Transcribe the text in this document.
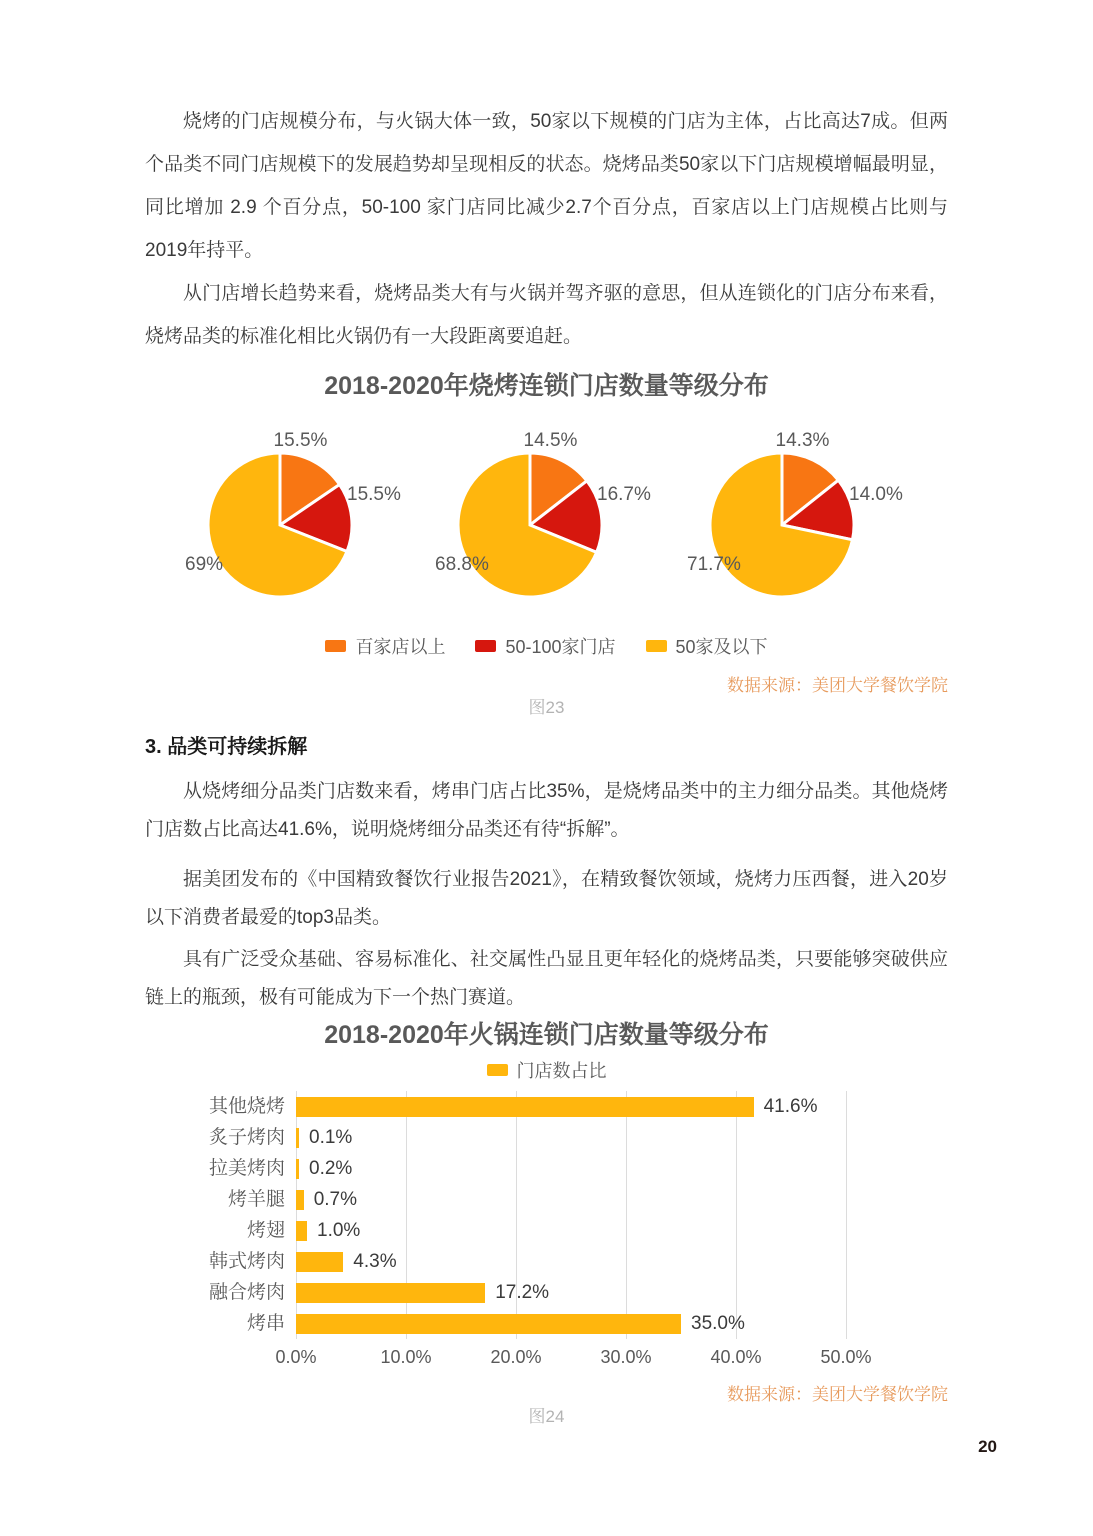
烧烤的门店规模分布，与火锅大体一致，50家以下规模的门店为主体，占比高达7成。但两个品类不同门店规模下的发展趋势却呈现相反的状态。烧烤品类50家以下门店规模增幅最明显，同比增加 2.9 个百分点，50-100 家门店同比减少2.7个百分点，百家店以上门店规模占比则与2019年持平。

从门店增长趋势来看，烧烤品类大有与火锅并驾齐驱的意思，但从连锁化的门店分布来看，烧烤品类的标准化相比火锅仍有一大段距离要追赶。

2018-2020年烧烤连锁门店数量等级分布
15.5%
15.5%
69%
14.5%
16.7%
68.8%
14.3%
14.0%
71.7%
百家店以上	50-100家门店	50家及以下
数据来源：美团大学餐饮学院
图23
3. 品类可持续拆解

从烧烤细分品类门店数来看，烤串门店占比35%，是烧烤品类中的主力细分品类。其他烧烤门店数占比高达41.6%，说明烧烤细分品类还有待“拆解”。

据美团发布的《中国精致餐饮行业报告2021》，在精致餐饮领域，烧烤力压西餐，进入20岁以下消费者最爱的top3品类。

具有广泛受众基础、容易标准化、社交属性凸显且更年轻化的烧烤品类，只要能够突破供应链上的瓶颈，极有可能成为下一个热门赛道。

2018-2020年火锅连锁门店数量等级分布
门店数占比
其他烧烤
炙子烤肉
拉美烤肉
烤羊腿
烤翅
韩式烤肉
融合烤肉
烤串
41.6%
0.1%
0.2%
0.7%
1.0%
4.3%
17.2%
35.0%
0.0%	10.0%	20.0%	30.0%	40.0%	50.0%
数据来源：美团大学餐饮学院
图24
20
